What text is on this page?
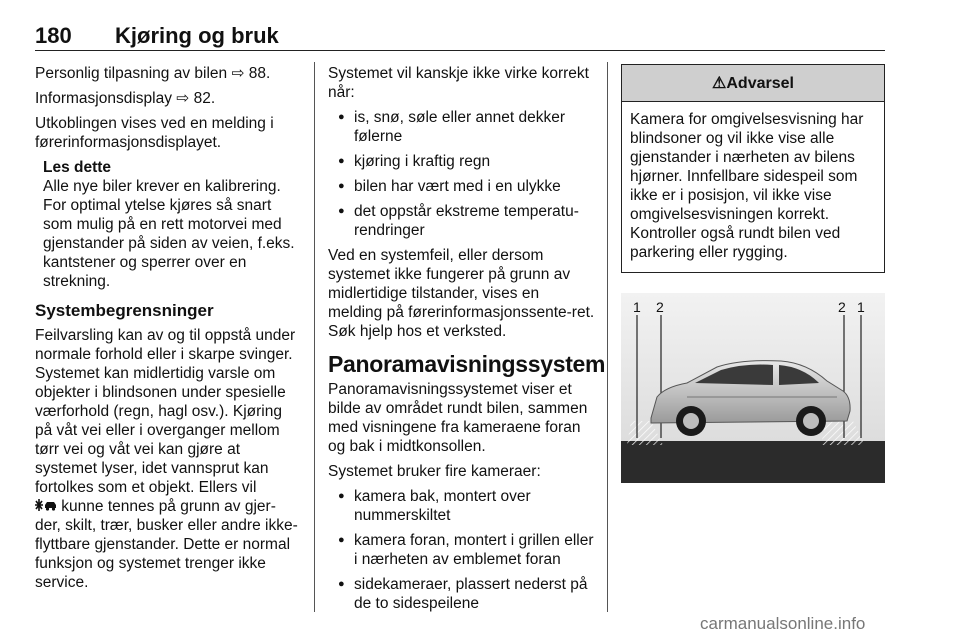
180 Kjøring og bruk

Personlig tilpasning av bilen ⇨ 88.

Informasjonsdisplay ⇨ 82.

Utkoblingen vises ved en melding i førerinformasjonsdisplayet.

Les dette
Alle nye biler krever en kalibrering. For optimal ytelse kjøres så snart som mulig på en rett motorvei med gjenstander på siden av veien, f.eks. kantstener og sperrer over en strekning.
Systembegrensninger

Feilvarsling kan av og til oppstå under normale forhold eller i skarpe svinger. Systemet kan midlertidig varsle om objekter i blindsonen under spesielle værforhold (regn, hagl osv.). Kjøring på våt vei eller i overganger mellom tørr vei og våt vei kan gjøre at systemet lyser, idet vannsprut kan fortolkes som et objekt. Ellers vil
kunne tennes på grunn av gjer-der, skilt, trær, busker eller andre ikke-flyttbare gjenstander. Dette er normal funksjon og systemet trenger ikke service.

Systemet vil kanskje ikke virke korrekt når:

● is, snø, søle eller annet dekker følerne
● kjøring i kraftig regn
● bilen har vært med i en ulykke
● det oppstår ekstreme temperatu-rendringer

Ved en systemfeil, eller dersom systemet ikke fungerer på grunn av midlertidige tilstander, vises en melding på førerinformasjonssente-ret. Søk hjelp hos et verksted.

Panoramavisningssystem

Panoramavisningssystemet viser et bilde av området rundt bilen, sammen med visningene fra kameraene foran og bak i midtkonsollen.

Systemet bruker fire kameraer:

● kamera bak, montert over nummerskiltet
● kamera foran, montert i grillen eller i nærheten av emblemet foran
● sidekameraer, plassert nederst på de to sidespeilene
⚠Advarsel
Kamera for omgivelsesvisning har blindsoner og vil ikke vise alle gjenstander i nærheten av bilens hjørner. Innfellbare sidespeil som ikke er i posisjon, vil ikke vise omgivelsesvisningen korrekt. Kontroller også rundt bilen ved parkering eller rygging.
1 2	2 1
carmanualsonline.info
